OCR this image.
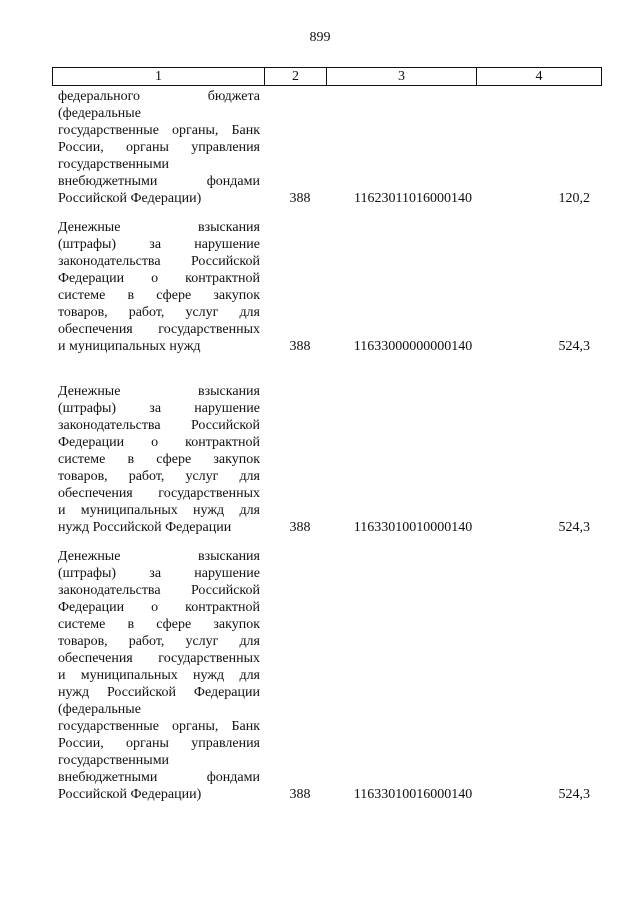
899
1	2	3	4
федерального бюджета
(федеральные
государственные органы, Банк
России, органы управления
государственными
внебюджетными фондами
Российской Федерации)	388	11623011016000140	120,2
Денежные взыскания
(штрафы) за нарушение
законодательства Российской
Федерации о контрактной
системе в сфере закупок
товаров, работ, услуг для
обеспечения государственных
и муниципальных нужд	388	11633000000000140	524,3
Денежные взыскания
(штрафы) за нарушение
законодательства Российской
Федерации о контрактной
системе в сфере закупок
товаров, работ, услуг для
обеспечения государственных
и муниципальных нужд для
нужд Российской Федерации	388	11633010010000140	524,3
Денежные взыскания
(штрафы) за нарушение
законодательства Российской
Федерации о контрактной
системе в сфере закупок
товаров, работ, услуг для
обеспечения государственных
и муниципальных нужд для
нужд Российской Федерации
(федеральные
государственные органы, Банк
России, органы управления
государственными
внебюджетными фондами
Российской Федерации)	388	11633010016000140	524,3
